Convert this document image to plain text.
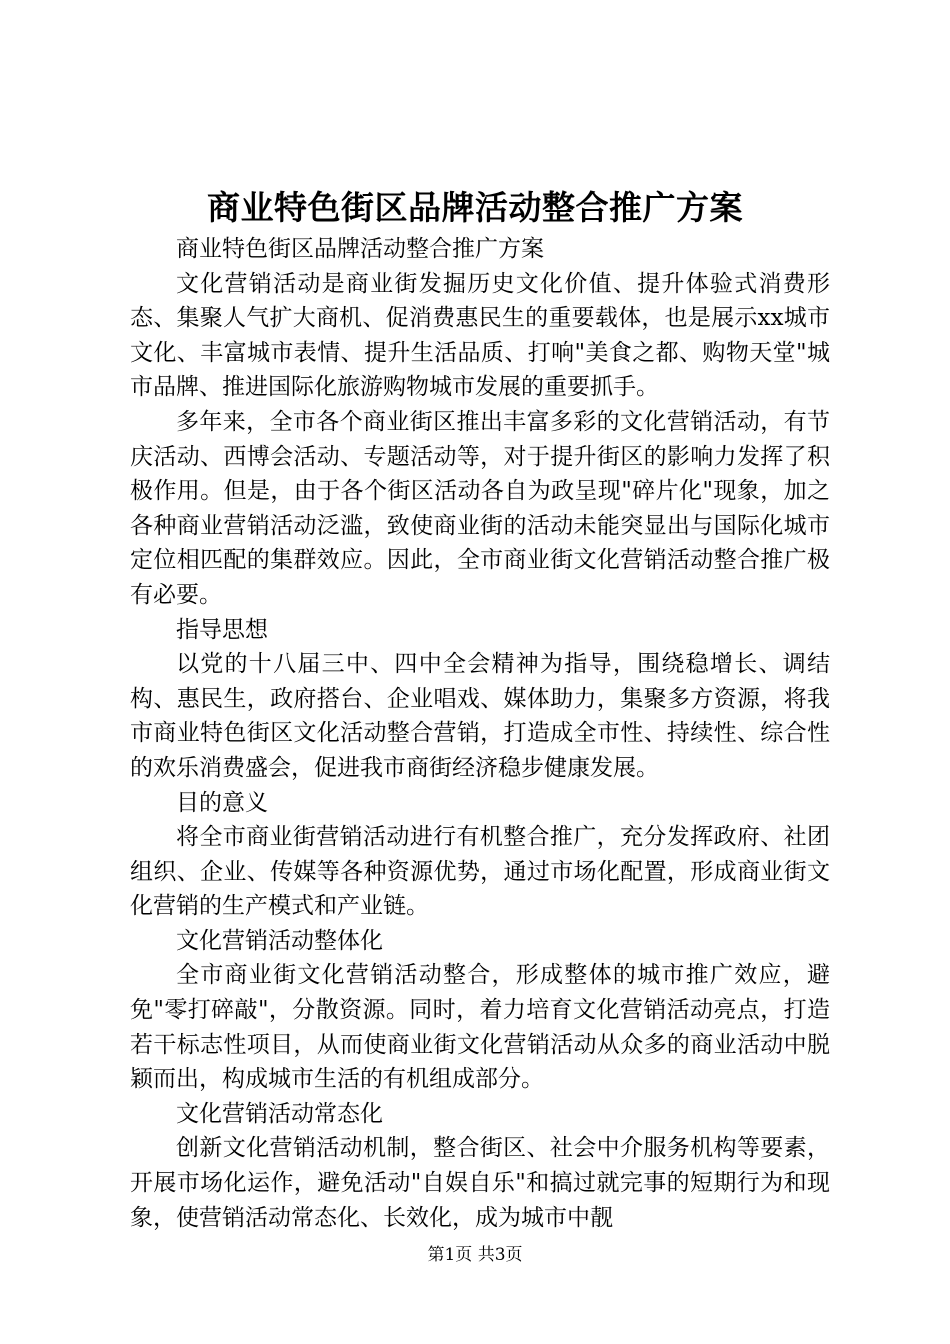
商业特色街区品牌活动整合推广方案

商业特色街区品牌活动整合推广方案

文化营销活动是商业街发掘历史文化价值、提升体验式消费形态、集聚人气扩大商机、促消费惠民生的重要载体，也是展示xx城市文化、丰富城市表情、提升生活品质、打响"美食之都、购物天堂"城市品牌、推进国际化旅游购物城市发展的重要抓手。

多年来，全市各个商业街区推出丰富多彩的文化营销活动，有节庆活动、西博会活动、专题活动等，对于提升街区的影响力发挥了积极作用。但是，由于各个街区活动各自为政呈现"碎片化"现象，加之各种商业营销活动泛滥，致使商业街的活动未能突显出与国际化城市定位相匹配的集群效应。因此，全市商业街文化营销活动整合推广极有必要。

指导思想

以党的十八届三中、四中全会精神为指导，围绕稳增长、调结构、惠民生，政府搭台、企业唱戏、媒体助力，集聚多方资源，将我市商业特色街区文化活动整合营销，打造成全市性、持续性、综合性的欢乐消费盛会，促进我市商街经济稳步健康发展。

目的意义

将全市商业街营销活动进行有机整合推广，充分发挥政府、社团组织、企业、传媒等各种资源优势，通过市场化配置，形成商业街文化营销的生产模式和产业链。

文化营销活动整体化

全市商业街文化营销活动整合，形成整体的城市推广效应，避免"零打碎敲"，分散资源。同时，着力培育文化营销活动亮点，打造若干标志性项目，从而使商业街文化营销活动从众多的商业活动中脱颖而出，构成城市生活的有机组成部分。

文化营销活动常态化

创新文化营销活动机制，整合街区、社会中介服务机构等要素，开展市场化运作，避免活动"自娱自乐"和搞过就完事的短期行为和现象，使营销活动常态化、长效化，成为城市中靓

第1页 共3页
